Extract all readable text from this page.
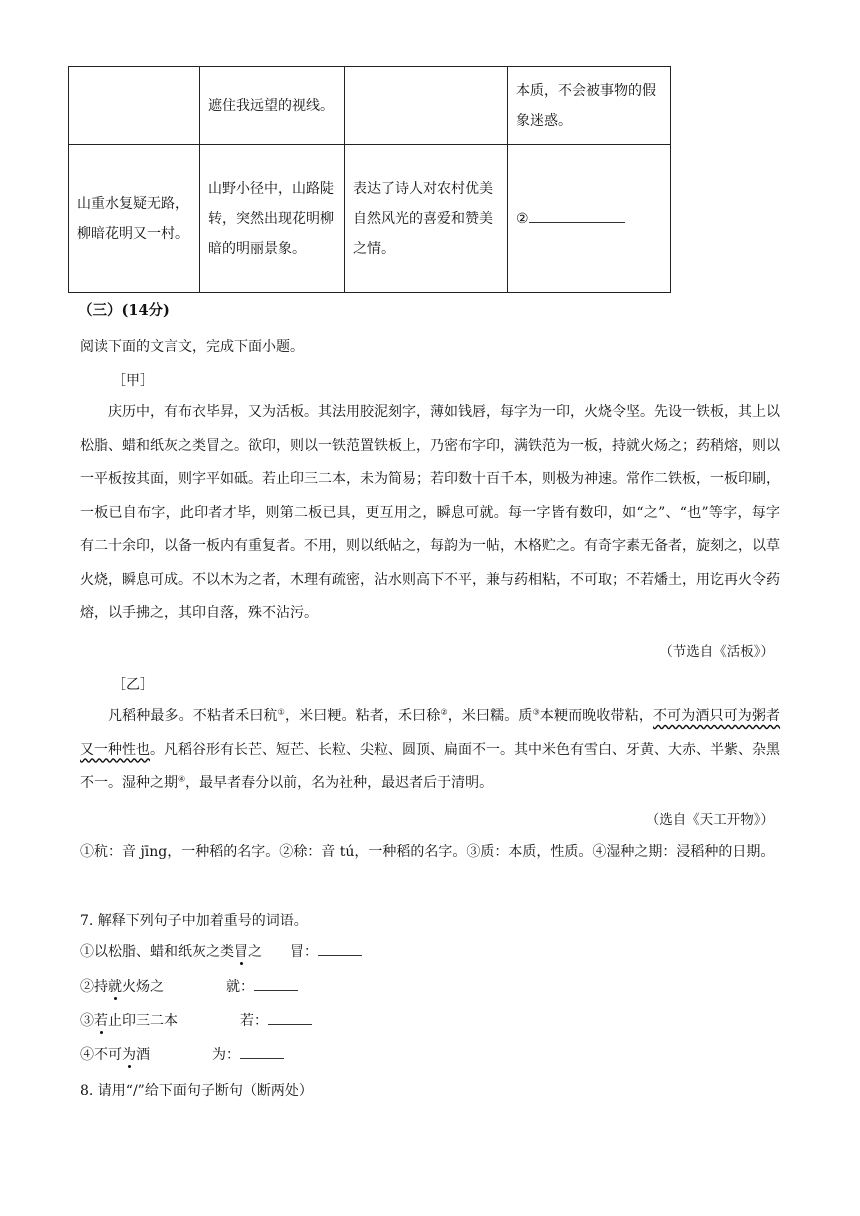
	遮住我远望的视线。		本质，不会被事物的假象迷惑。
山重水复疑无路，柳暗花明又一村。	山野小径中，山路陡转，突然出现花明柳暗的明丽景象。	表达了诗人对农村优美自然风光的喜爱和赞美之情。	②
（三）(14分)
阅读下面的文言文，完成下面小题。
［甲］
庆历中，有布衣毕昇，又为活板。其法用胶泥刻字，薄如钱唇，每字为一印，火烧令坚。先设一铁板，其上以松脂、蜡和纸灰之类冒之。欲印，则以一铁范置铁板上，乃密布字印，满铁范为一板，持就火炀之；药稍熔，则以一平板按其面，则字平如砥。若止印三二本，未为简易；若印数十百千本，则极为神速。常作二铁板，一板印刷，一板已自布字，此印者才毕，则第二板已具，更互用之，瞬息可就。每一字皆有数印，如“之”、“也”等字，每字有二十余印，以备一板内有重复者。不用，则以纸帖之，每韵为一帖，木格贮之。有奇字素无备者，旋刻之，以草火烧，瞬息可成。不以木为之者，木理有疏密，沾水则高下不平，兼与药相粘，不可取；不若燔土，用讫再火令药熔，以手拂之，其印自落，殊不沾污。
（节选自《活板》）
［乙］
凡稻种最多。不粘者禾曰秔①，米曰粳。粘者，禾曰稌②，米曰糯。质③本粳而晚收带粘，不可为酒只可为粥者又一种性也。凡稻谷形有长芒、短芒、长粒、尖粒、圆顶、扁面不一。其中米色有雪白、牙黄、大赤、半紫、杂黑不一。湿种之期④，最早者春分以前，名为社种，最迟者后于清明。
（选自《天工开物》）
①秔：音 jīng，一种稻的名字。②稌：音 tú，一种稻的名字。③质：本质，性质。④湿种之期：浸稻种的日期。
7. 解释下列句子中加着重号的词语。
①以松脂、蜡和纸灰之类冒之 冒：
②持就火炀之	就：
③若止印三二本	若：
④不可为酒	为：
8. 请用“/”给下面句子断句（断两处）
